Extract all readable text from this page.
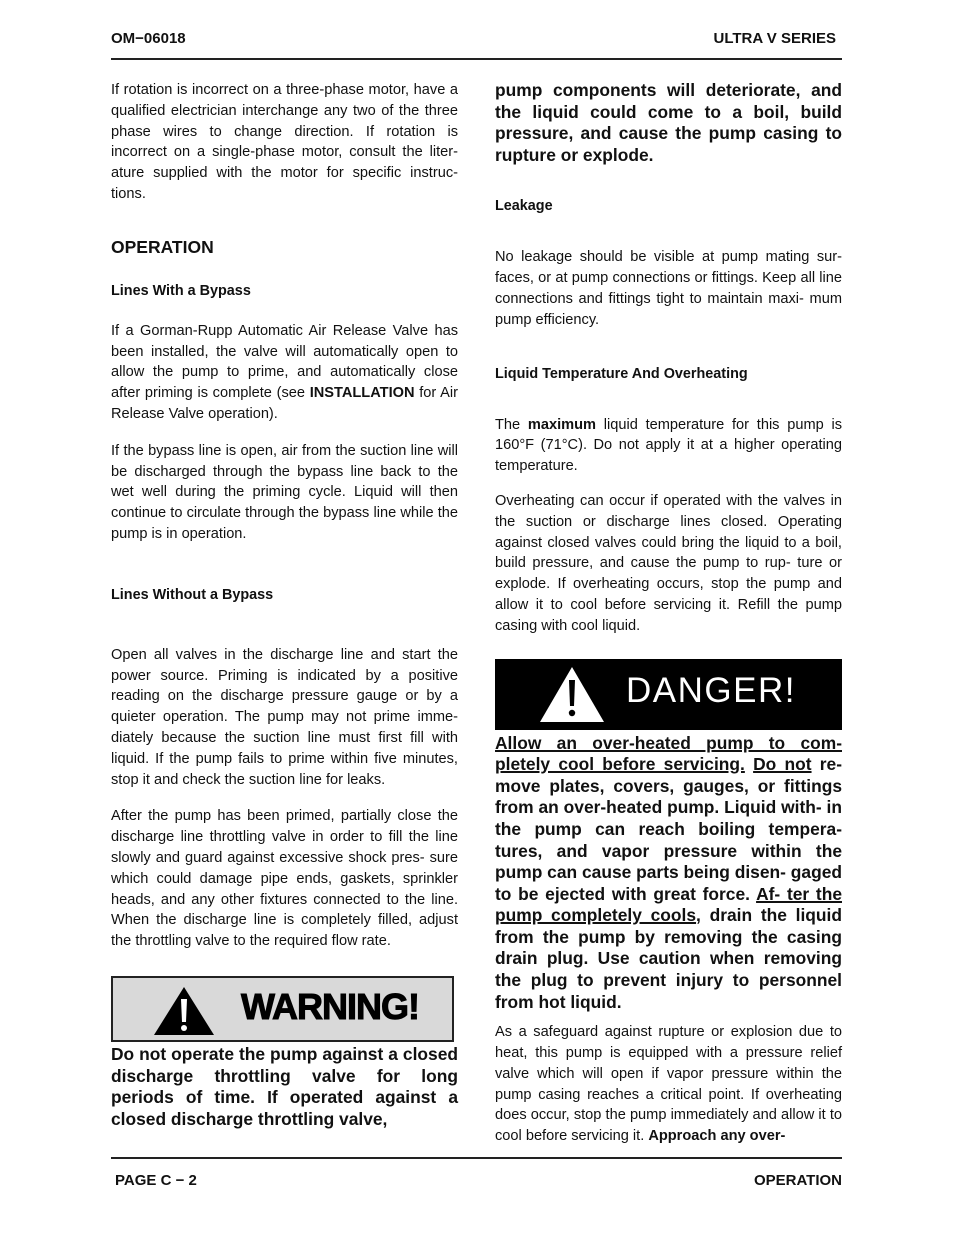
OM−06018	ULTRA V SERIES

If rotation is incorrect on a three-phase motor, have a qualified electrician interchange any two of the three phase wires to change direction. If rotation is incorrect on a single-phase motor, consult the liter- ature supplied with the motor for specific instruc- tions.

OPERATION
Lines With a Bypass

If a Gorman-Rupp Automatic Air Release Valve has been installed, the valve will automatically open to allow the pump to prime, and automatically close after priming is complete (see INSTALLATION for Air Release Valve operation).

If the bypass line is open, air from the suction line will be discharged through the bypass line back to the wet well during the priming cycle. Liquid will then continue to circulate through the bypass line while the pump is in operation.

Lines Without a Bypass

Open all valves in the discharge line and start the power source. Priming is indicated by a positive reading on the discharge pressure gauge or by a quieter operation. The pump may not prime imme- diately because the suction line must first fill with liquid. If the pump fails to prime within five minutes, stop it and check the suction line for leaks.

After the pump has been primed, partially close the discharge line throttling valve in order to fill the line slowly and guard against excessive shock pres- sure which could damage pipe ends, gaskets, sprinkler heads, and any other fixtures connected to the line. When the discharge line is completely filled, adjust the throttling valve to the required flow rate.

WARNING!

Do not operate the pump against a closed discharge throttling valve for long periods of time. If operated against a closed discharge throttling valve,

pump components will deteriorate, and the liquid could come to a boil, build pressure, and cause the pump casing to rupture or explode.

Leakage

No leakage should be visible at pump mating sur- faces, or at pump connections or fittings. Keep all line connections and fittings tight to maintain maxi- mum pump efficiency.

Liquid Temperature And Overheating

The maximum liquid temperature for this pump is 160°F (71°C). Do not apply it at a higher operating temperature.

Overheating can occur if operated with the valves in the suction or discharge lines closed. Operating against closed valves could bring the liquid to a boil, build pressure, and cause the pump to rup- ture or explode. If overheating occurs, stop the pump and allow it to cool before servicing it. Refill the pump casing with cool liquid.

DANGER!

Allow an over-heated pump to com- pletely cool before servicing. Do not re- move plates, covers, gauges, or fittings from an over-heated pump. Liquid with- in the pump can reach boiling tempera- tures, and vapor pressure within the pump can cause parts being disen- gaged to be ejected with great force. Af- ter the pump completely cools, drain the liquid from the pump by removing the casing drain plug. Use caution when removing the plug to prevent injury to personnel from hot liquid.

As a safeguard against rupture or explosion due to heat, this pump is equipped with a pressure relief valve which will open if vapor pressure within the pump casing reaches a critical point. If overheating does occur, stop the pump immediately and allow it to cool before servicing it. Approach any over-

PAGE C − 2	OPERATION
